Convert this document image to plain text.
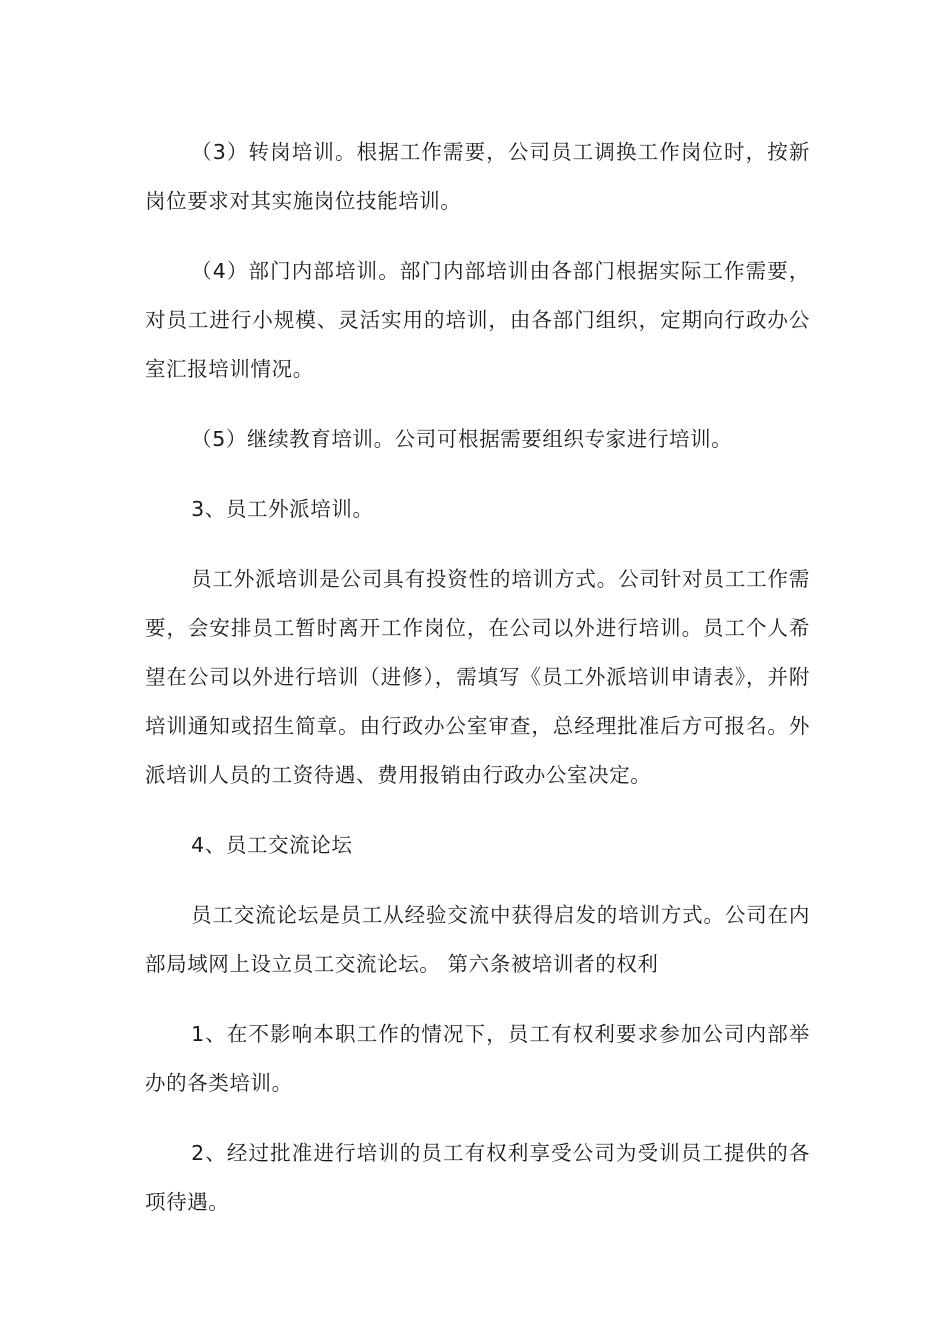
（3）转岗培训。根据工作需要，公司员工调换工作岗位时，按新岗位要求对其实施岗位技能培训。

（4）部门内部培训。部门内部培训由各部门根据实际工作需要，对员工进行小规模、灵活实用的培训，由各部门组织，定期向行政办公室汇报培训情况。

（5）继续教育培训。公司可根据需要组织专家进行培训。

3、员工外派培训。

员工外派培训是公司具有投资性的培训方式。公司针对员工工作需要，会安排员工暂时离开工作岗位，在公司以外进行培训。员工个人希望在公司以外进行培训（进修），需填写《员工外派培训申请表》，并附培训通知或招生简章。由行政办公室审查，总经理批准后方可报名。外派培训人员的工资待遇、费用报销由行政办公室决定。

4、员工交流论坛

员工交流论坛是员工从经验交流中获得启发的培训方式。公司在内部局域网上设立员工交流论坛。 第六条被培训者的权利

1、在不影响本职工作的情况下，员工有权利要求参加公司内部举办的各类培训。

2、经过批准进行培训的员工有权利享受公司为受训员工提供的各项待遇。
